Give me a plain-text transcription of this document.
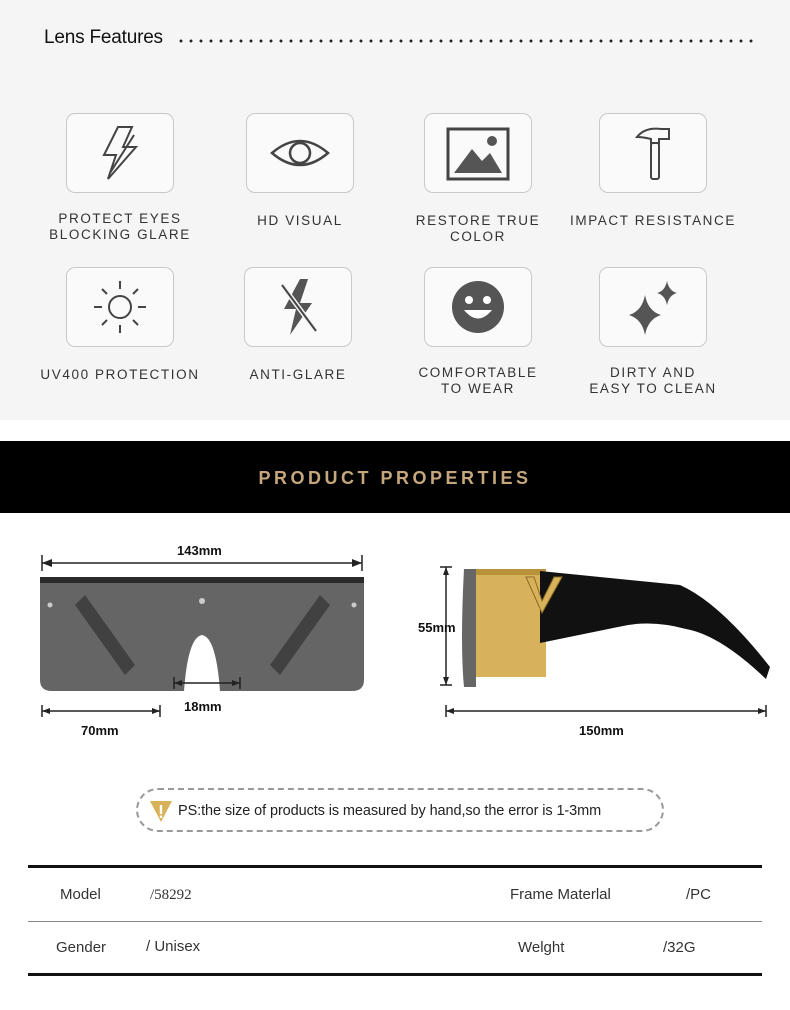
Lens Features
PROTECT EYES
BLOCKING GLARE
HD VISUAL	RESTORE TRUE COLOR
IMPACT RESISTANCE
UV400 PROTECTION	ANTI-GLARE	COMFORTABLE
TO WEAR
DIRTY AND
EASY TO CLEAN
PRODUCT PROPERTIES
143mm
18mm
70mm
55mm
150mm
PS:the size of products is measured by hand,so the error is 1-3mm
Model	/58292	Frame Materlal	/PC
Gender	/ Unisex	Welght	/32G
